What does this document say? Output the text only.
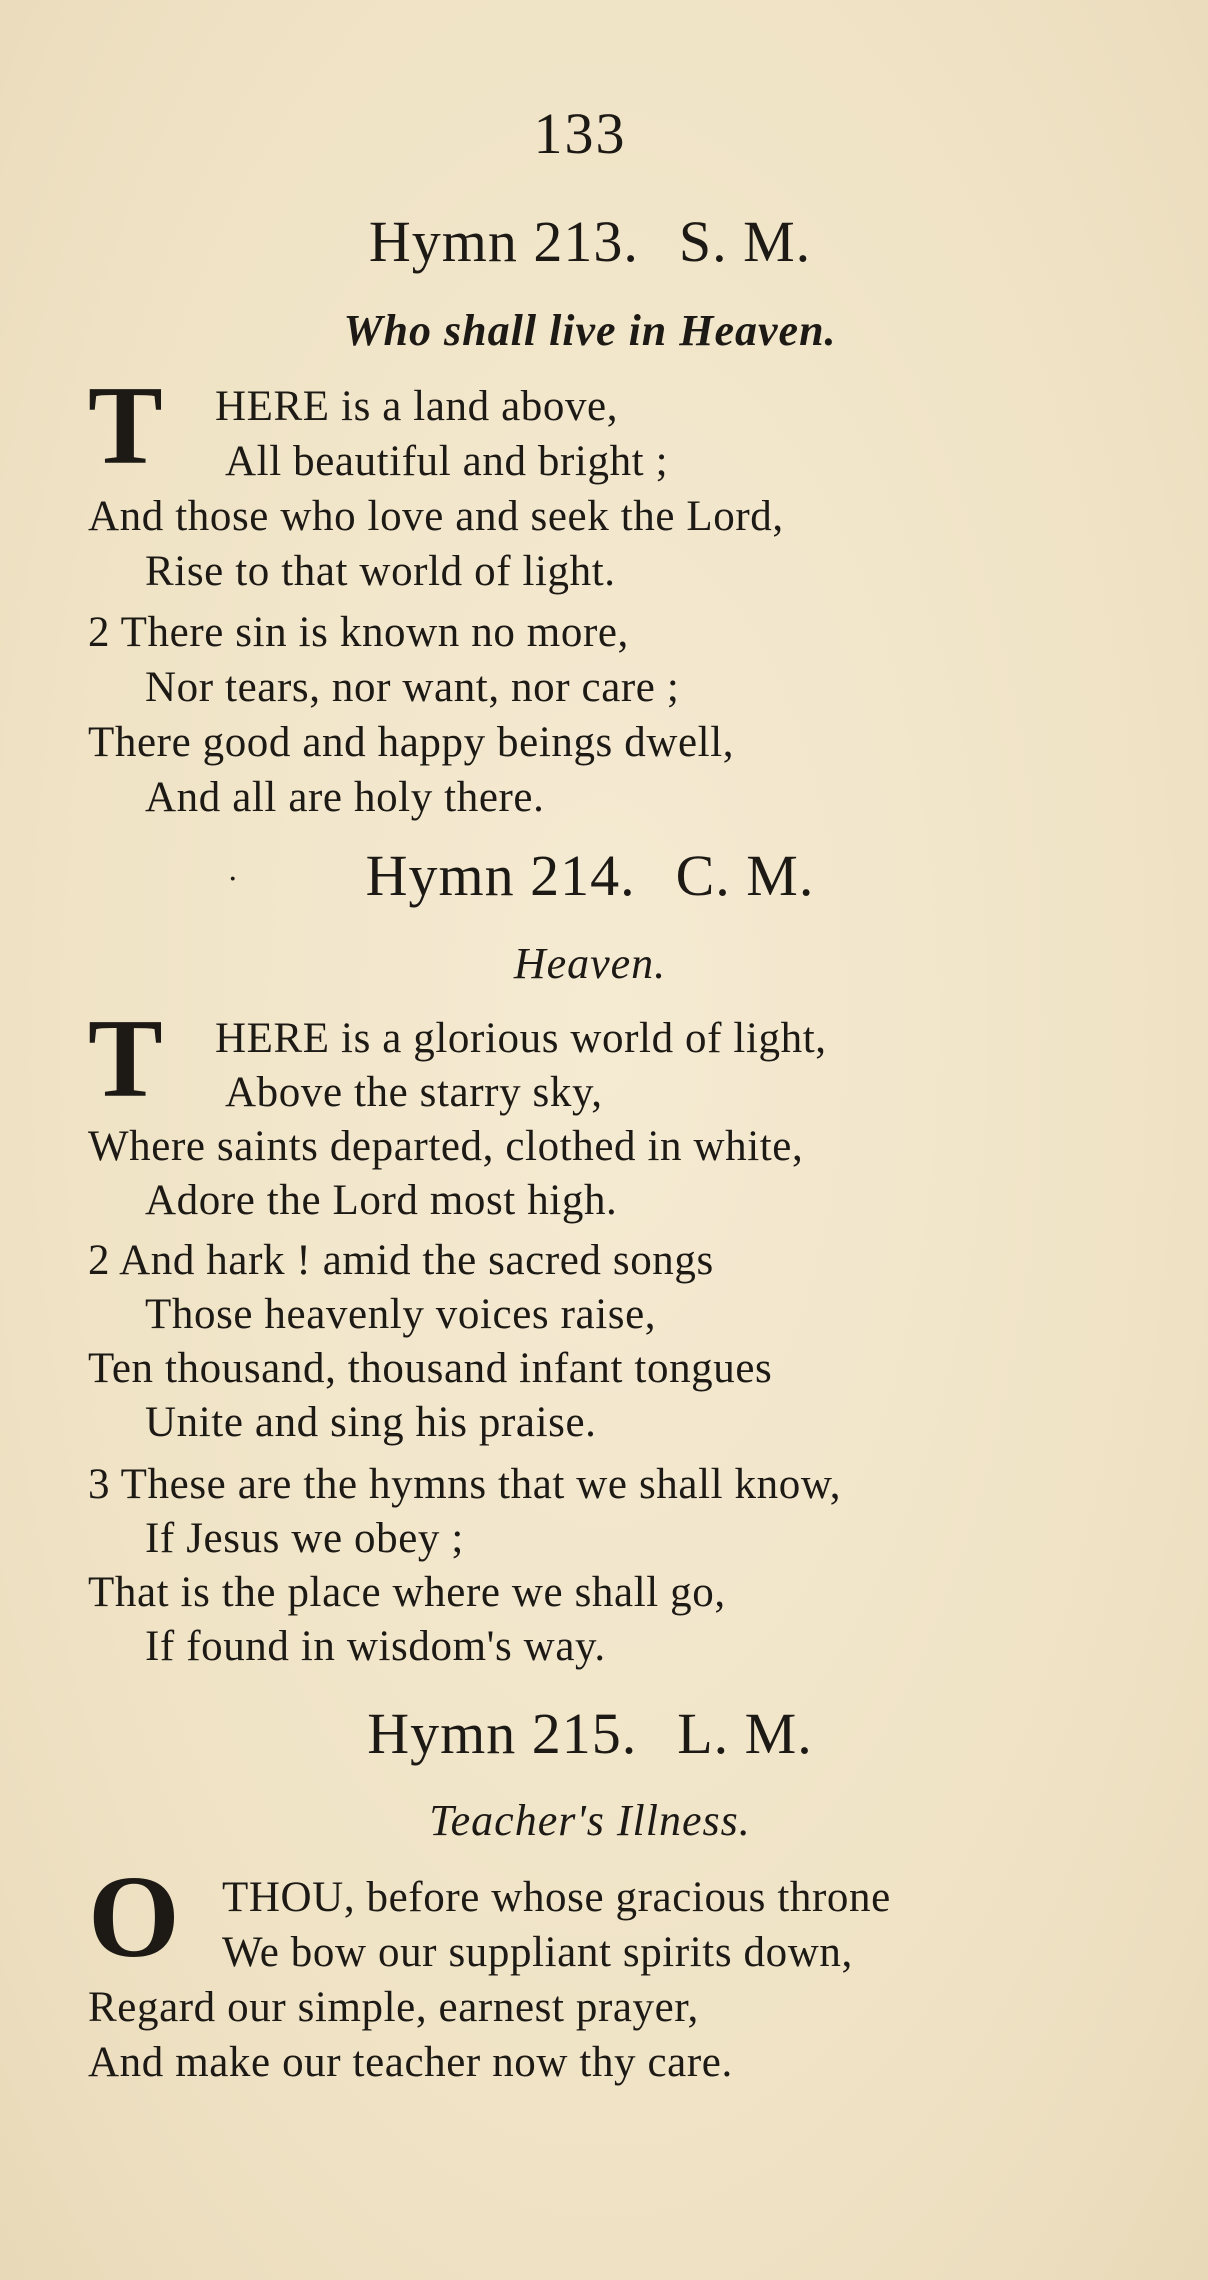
133
Hymn 213. S. M.
Who shall live in Heaven.
T HERE is a land above,
All beautiful and bright ;
And those who love and seek the Lord,
Rise to that world of light.
2 There sin is known no more,
Nor tears, nor want, nor care ;
There good and happy beings dwell,
And all are holy there.
·	Hymn 214. C. M.
Heaven.
T HERE is a glorious world of light,
Above the starry sky,
Where saints departed, clothed in white,
Adore the Lord most high.
2 And hark ! amid the sacred songs
Those heavenly voices raise,
Ten thousand, thousand infant tongues
Unite and sing his praise.
3 These are the hymns that we shall know,
If Jesus we obey ;
That is the place where we shall go,
If found in wisdom's way.
Hymn 215. L. M.
Teacher's Illness.
O THOU, before whose gracious throne
We bow our suppliant spirits down,
Regard our simple, earnest prayer,
And make our teacher now thy care.
